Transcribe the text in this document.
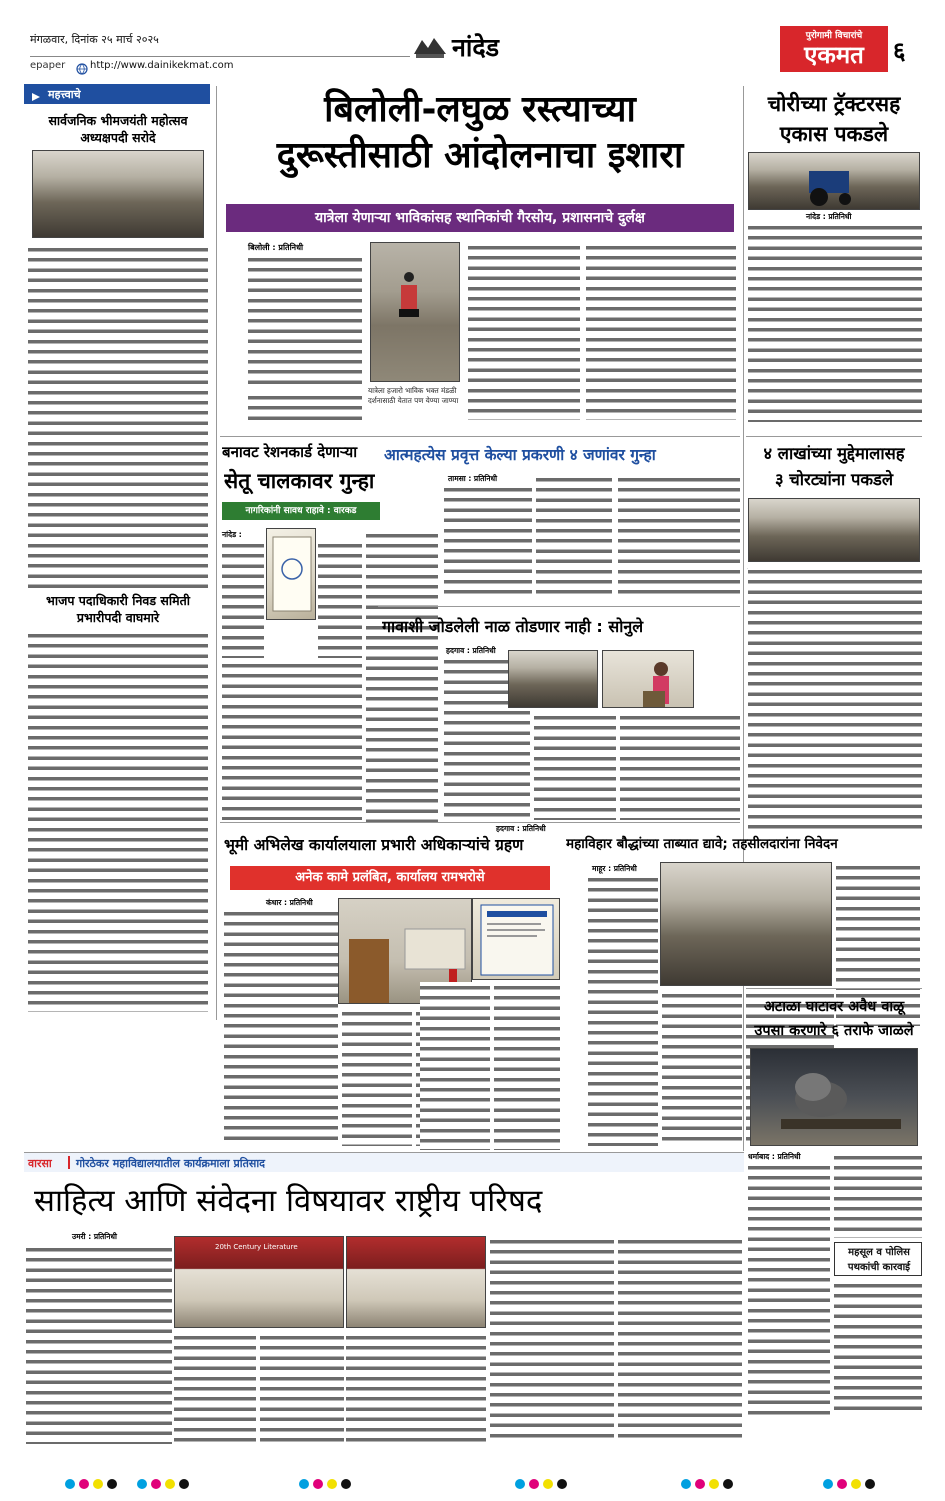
मंगळवार, दिनांक २५ मार्च २०२५	नांदेड	पुरोगामी विचारांचे
एकमत	६
epaper http://www.dainikekmat.com
महत्त्वाचे
सार्वजनिक भीमजयंती महोत्सव अध्यक्षपदी सरोदे
भाजप पदाधिकारी निवड समिती प्रभारीपदी वाघमारे
बिलोली-लघुळ रस्त्याच्या
दुरूस्तीसाठी आंदोलनाचा इशारा
यात्रेला येणाऱ्या भाविकांसह स्थानिकांची गैरसोय, प्रशासनाचे दुर्लक्ष
बिलोली : प्रतिनिधी
यात्रेला हजारो भाविक भक्त मंडळी दर्शनासाठी येतात पण येण्या जाण्या
चोरीच्या ट्रॅक्टरसह
एकास पकडले
नांदेड : प्रतिनिधी
बनावट रेशनकार्ड देणाऱ्या
सेतू चालकावर गुन्हा
नागरिकांनी सावध राहावे : वारकड
नांदेड :
आत्महत्येस प्रवृत्त केल्या प्रकरणी ४ जणांवर गुन्हा
तामसा : प्रतिनिधी
गावाशी जोडलेली नाळ तोडणार नाही : सोनुले
हदगाव : प्रतिनिधी
४ लाखांच्या मुद्देमालासह
३ चोरट्यांना पकडले
भूमी अभिलेख कार्यालयाला प्रभारी अधिकाऱ्यांचे ग्रहण
अनेक कामे प्रलंबित, कार्यालय रामभरोसे
कंधार : प्रतिनिधी
हदगाव : प्रतिनिधी
महाविहार बौद्धांच्या ताब्यात द्यावे; तहसीलदारांना निवेदन
माहूर : प्रतिनिधी
अटाळा घाटावर अवैध वाळू
उपसा करणारे ६ तराफे जाळले
धर्माबाद : प्रतिनिधी
महसूल व पोलिस पथकांची कारवाई
वारसा गोरठेकर महाविद्यालयातील कार्यक्रमाला प्रतिसाद
साहित्य आणि संवेदना विषयावर राष्ट्रीय परिषद
उमरी : प्रतिनिधी
20th Century Literature
